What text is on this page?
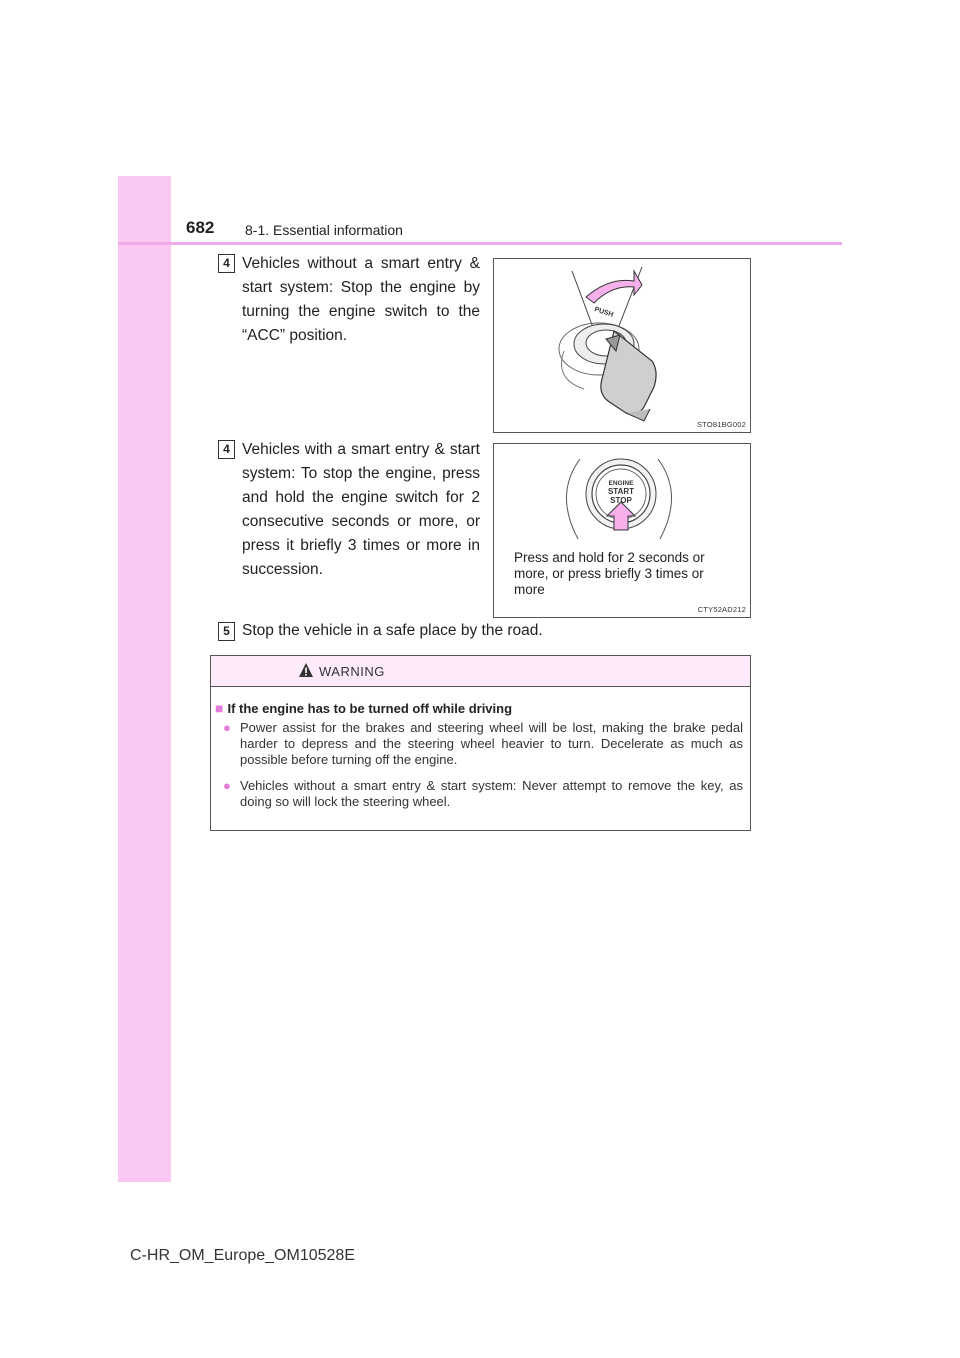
682 8-1. Essential information
4 Vehicles without a smart entry & start system: Stop the engine by turning the engine switch to the “ACC” position.
PUSH
STO81BG002
4 Vehicles with a smart entry & start system: To stop the engine, press and hold the engine switch for 2 consecutive seconds or more, or press it briefly 3 times or more in succession.
ENGINE
START
STOP
Press and hold for 2 seconds or more, or press briefly 3 times or more
CTY52AD212
5 Stop the vehicle in a safe place by the road.
WARNING
■ If the engine has to be turned off while driving
● Power assist for the brakes and steering wheel will be lost, making the brake pedal harder to depress and the steering wheel heavier to turn. Decelerate as much as possible before turning off the engine.
● Vehicles without a smart entry & start system: Never attempt to remove the key, as doing so will lock the steering wheel.
C-HR_OM_Europe_OM10528E
